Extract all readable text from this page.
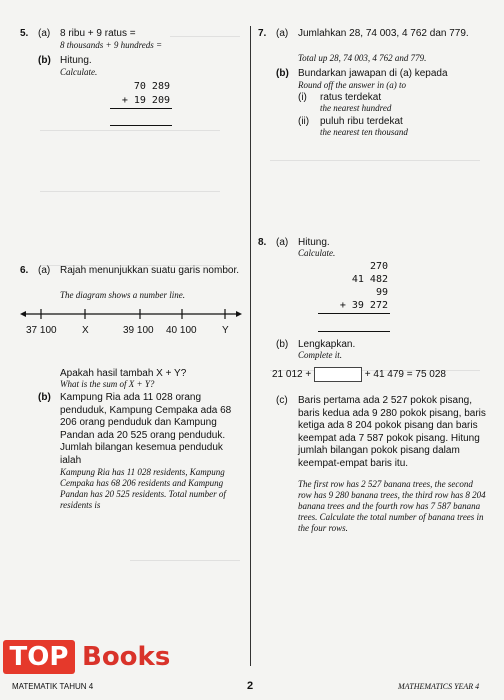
5. (a) 8 ribu + 9 ratus =
8 thousands + 9 hundreds =
(b) Hitung.
Calculate.
70 289
+ 19 209
6. (a) Rajah menunjukkan suatu garis nombor.
The diagram shows a number line.
37 100	X	39 100 40 100	Y
Apakah hasil tambah X + Y?
What is the sum of X + Y?
(b) Kampung Ria ada 11 028 orang penduduk, Kampung Cempaka ada 68 206 orang penduduk dan Kampung Pandan ada 20 525 orang penduduk. Jumlah bilangan kesemua penduduk ialah
Kampung Ria has 11 028 residents, Kampung Cempaka has 68 206 residents and Kampung Pandan has 20 525 residents. Total number of residents is
7. (a) Jumlahkan 28, 74 003, 4 762 dan 779.
Total up 28, 74 003, 4 762 and 779.
(b) Bundarkan jawapan di (a) kepada
Round off the answer in (a) to
(i) ratus terdekat
the nearest hundred
(ii) puluh ribu terdekat
the nearest ten thousand
8. (a) Hitung.
Calculate.
270
41 482
99
+ 39 272
(b) Lengkapkan.
Complete it.
21 012 +	+ 41 479 = 75 028
(c) Baris pertama ada 2 527 pokok pisang, baris kedua ada 9 280 pokok pisang, baris ketiga ada 8 204 pokok pisang dan baris keempat ada 7 587 pokok pisang. Hitung jumlah bilangan pokok pisang dalam keempat-empat baris itu.
The first row has 2 527 banana trees, the second row has 9 280 banana trees, the third row has 8 204 banana trees and the fourth row has 7 587 banana trees. Calculate the total number of banana trees in the four rows.
MATEMATIK TAHUN 4	2	MATHEMATICS YEAR 4
TOP Books
